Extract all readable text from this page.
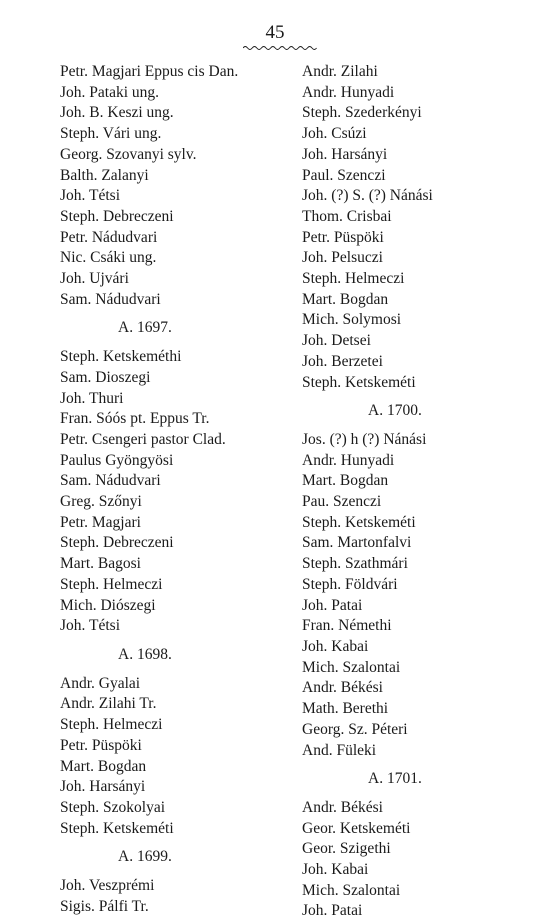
45
Petr. Magjari Eppus cis Dan.
Joh. Pataki ung.
Joh. B. Keszi ung.
Steph. Vári ung.
Georg. Szovanyi sylv.
Balth. Zalanyi
Joh. Tétsi
Steph. Debreczeni
Petr. Nádudvari
Nic. Csáki ung.
Joh. Ujvári
Sam. Nádudvari
A. 1697.
Steph. Ketskeméthi
Sam. Dioszegi
Joh. Thuri
Fran. Sóós pt. Eppus Tr.
Petr. Csengeri pastor Clad.
Paulus Gyöngyösi
Sam. Nádudvari
Greg. Szőnyi
Petr. Magjari
Steph. Debreczeni
Mart. Bagosi
Steph. Helmeczi
Mich. Diószegi
Joh. Tétsi
A. 1698.
Andr. Gyalai
Andr. Zilahi Tr.
Steph. Helmeczi
Petr. Püspöki
Mart. Bogdan
Joh. Harsányi
Steph. Szokolyai
Steph. Ketskeméti
A. 1699.
Joh. Veszprémi
Sigis. Pálfi Tr.
Andr. Zilahi
Andr. Hunyadi
Steph. Szederkényi
Joh. Csúzi
Joh. Harsányi
Paul. Szenczi
Joh. (?) S. (?) Nánási
Thom. Crisbai
Petr. Püspöki
Joh. Pelsuczi
Steph. Helmeczi
Mart. Bogdan
Mich. Solymosi
Joh. Detsei
Joh. Berzetei
Steph. Ketskeméti
A. 1700.
Jos. (?) h (?) Nánási
Andr. Hunyadi
Mart. Bogdan
Pau. Szenczi
Steph. Ketskeméti
Sam. Martonfalvi
Steph. Szathmári
Steph. Földvári
Joh. Patai
Fran. Némethi
Joh. Kabai
Mich. Szalontai
Andr. Békési
Math. Berethi
Georg. Sz. Péteri
And. Füleki
A. 1701.
Andr. Békési
Geor. Ketskeméti
Geor. Szigethi
Joh. Kabai
Mich. Szalontai
Joh. Patai
